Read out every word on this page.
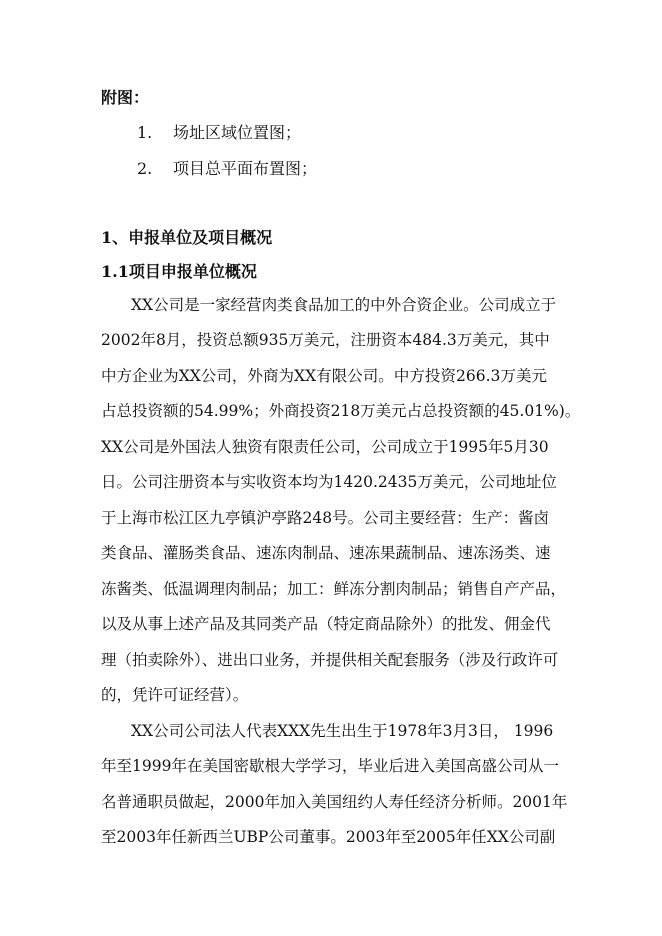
附图：
1. 场址区域位置图；
2. 项目总平面布置图；
1、申报单位及项目概况
1.1项目申报单位概况
XX公司是一家经营肉类食品加工的中外合资企业。公司成立于
2002年8月，投资总额935万美元，注册资本484.3万美元，其中
中方企业为XX公司，外商为XX有限公司。中方投资266.3万美元
占总投资额的54.99%；外商投资218万美元占总投资额的45.01%)。
XX公司是外国法人独资有限责任公司，公司成立于1995年5月30
日。公司注册资本与实收资本均为1420.2435万美元，公司地址位
于上海市松江区九亭镇沪亭路248号。公司主要经营：生产：酱卤
类食品、灌肠类食品、速冻肉制品、速冻果蔬制品、速冻汤类、速
冻酱类、低温调理肉制品；加工：鲜冻分割肉制品；销售自产产品，
以及从事上述产品及其同类产品（特定商品除外）的批发、佣金代
理（拍卖除外）、进出口业务，并提供相关配套服务（涉及行政许可
的，凭许可证经营）。
XX公司公司法人代表XXX先生出生于1978年3月3日， 1996
年至1999年在美国密歇根大学学习，毕业后进入美国高盛公司从一
名普通职员做起，2000年加入美国纽约人寿任经济分析师。2001年
至2003年任新西兰UBP公司董事。2003年至2005年任XX公司副
